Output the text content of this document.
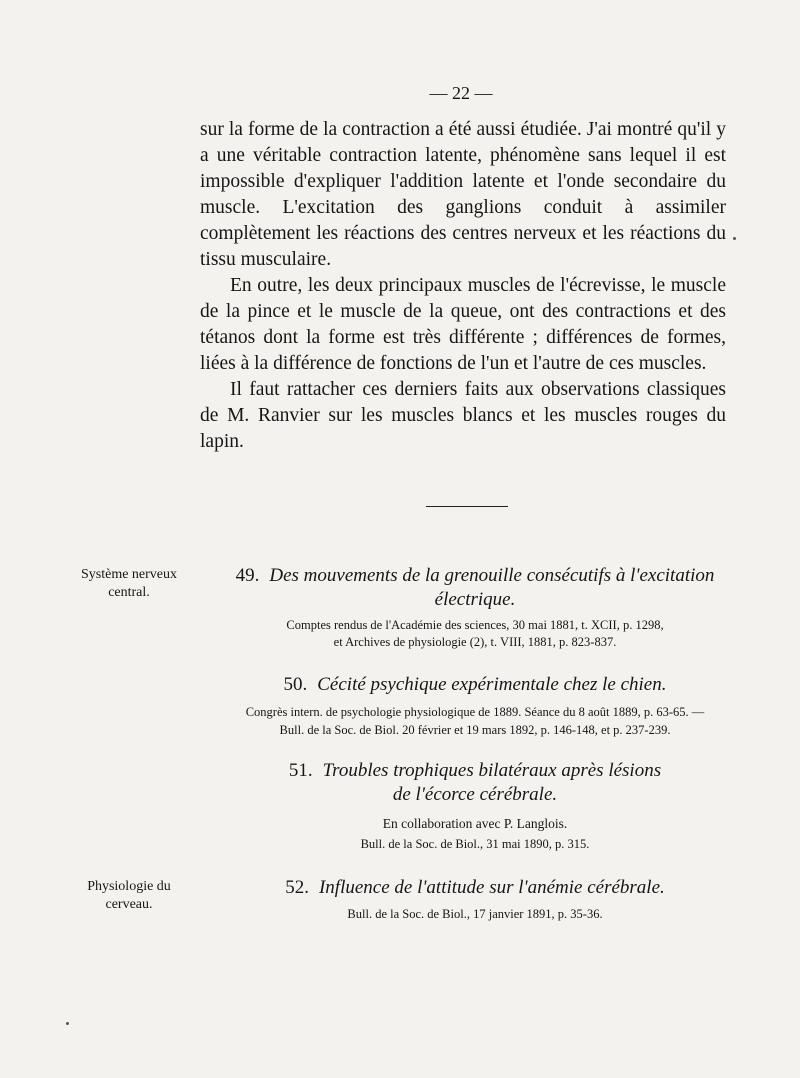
— 22 —

sur la forme de la contraction a été aussi étudiée. J'ai montré qu'il y a une véritable contraction latente, phénomène sans lequel il est impossible d'expliquer l'addition latente et l'onde secondaire du muscle. L'excitation des ganglions conduit à assimiler complètement les réactions des centres nerveux et les réactions du tissu musculaire.

En outre, les deux principaux muscles de l'écrevisse, le muscle de la pince et le muscle de la queue, ont des contractions et des tétanos dont la forme est très différente ; différences de formes, liées à la différence de fonctions de l'un et l'autre de ces muscles.

Il faut rattacher ces derniers faits aux observations classiques de M. Ranvier sur les muscles blancs et les muscles rouges du lapin.

Système nerveux central.
49. Des mouvements de la grenouille consécutifs à l'excitation électrique.
Comptes rendus de l'Académie des sciences, 30 mai 1881, t. XCII, p. 1298,
et Archives de physiologie (2), t. VIII, 1881, p. 823-837.
50. Cécité psychique expérimentale chez le chien.
Congrès intern. de psychologie physiologique de 1889. Séance du 8 août 1889, p. 63-65. —
Bull. de la Soc. de Biol. 20 février et 19 mars 1892, p. 146-148, et p. 237-239.
51. Troubles trophiques bilatéraux après lésions
de l'écorce cérébrale.
En collaboration avec P. Langlois.
Bull. de la Soc. de Biol., 31 mai 1890, p. 315.
Physiologie du cerveau.
52. Influence de l'attitude sur l'anémie cérébrale.
Bull. de la Soc. de Biol., 17 janvier 1891, p. 35-36.
